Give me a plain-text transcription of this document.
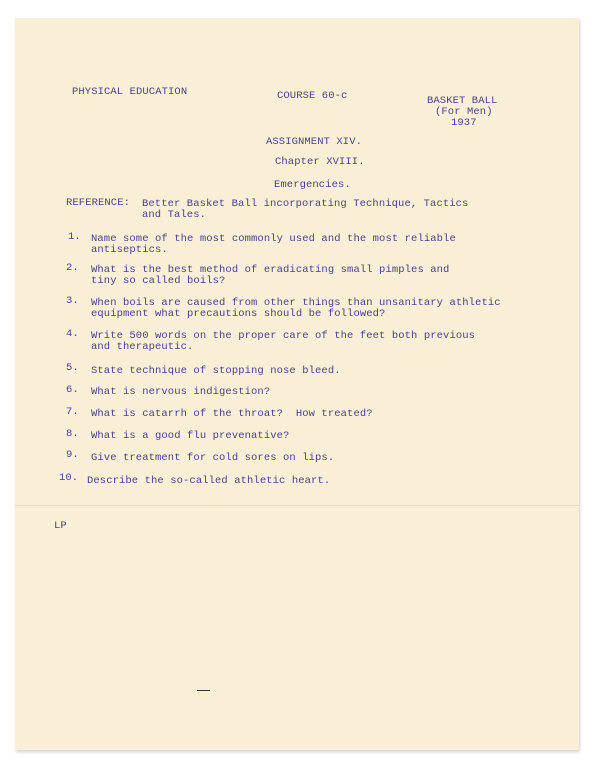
PHYSICAL EDUCATION	COURSE 60-c	BASKET BALL
(For Men)
1937
ASSIGNMENT XIV.
Chapter XVIII.
Emergencies.
REFERENCE: Better Basket Ball incorporating Technique, Tactics
and Tales.
1. Name some of the most commonly used and the most reliable
antiseptics.
2. What is the best method of eradicating small pimples and
tiny so called boils?
3. When boils are caused from other things than unsanitary athletic
equipment what precautions should be followed?
4. Write 500 words on the proper care of the feet both previous
and therapeutic.
5. State technique of stopping nose bleed.
6. What is nervous indigestion?
7. What is catarrh of the throat?  How treated?
8. What is a good flu prevenative?
9. Give treatment for cold sores on lips.
10. Describe the so-called athletic heart.
LP
